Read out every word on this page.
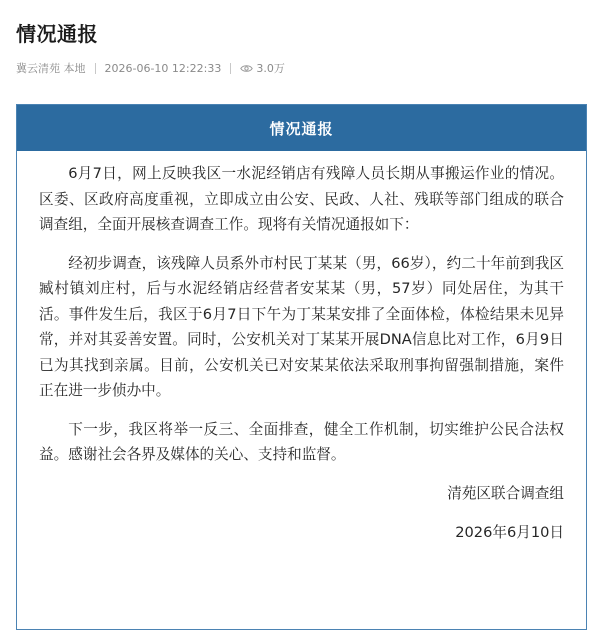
情况通报
冀云清苑 本地 2026-06-10 12:22:33	3.0万
情况通报

6月7日，网上反映我区一水泥经销店有残障人员长期从事搬运作业的情况。区委、区政府高度重视，立即成立由公安、民政、人社、残联等部门组成的联合调查组，全面开展核查调查工作。现将有关情况通报如下：

经初步调查，该残障人员系外市村民丁某某（男，66岁），约二十年前到我区臧村镇刘庄村，后与水泥经销店经营者安某某（男，57岁）同处居住，为其干活。事件发生后，我区于6月7日下午为丁某某安排了全面体检，体检结果未见异常，并对其妥善安置。同时，公安机关对丁某某开展DNA信息比对工作，6月9日已为其找到亲属。目前，公安机关已对安某某依法采取刑事拘留强制措施，案件正在进一步侦办中。

下一步，我区将举一反三、全面排查，健全工作机制，切实维护公民合法权益。感谢社会各界及媒体的关心、支持和监督。

清苑区联合调查组
2026年6月10日
